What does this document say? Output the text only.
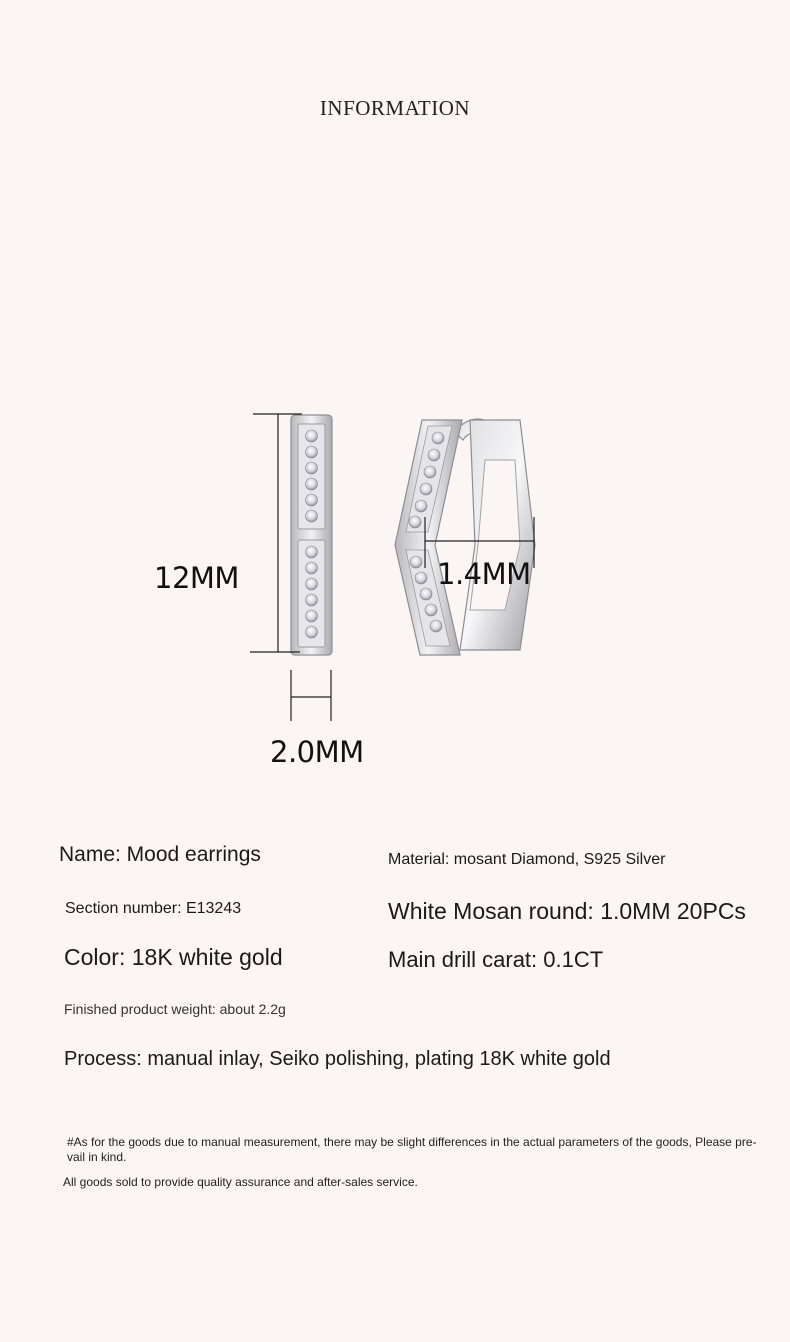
INFORMATION
12MM
2.0MM
1.4MM
Name: Mood earrings	Material: mosant Diamond, S925 Silver
Section number: E13243	White Mosan round: 1.0MM 20PCs
Color: 18K white gold	Main drill carat: 0.1CT
Finished product weight: about 2.2g
Process: manual inlay, Seiko polishing, plating 18K white gold
#As for the goods due to manual measurement, there may be slight differences in the actual parameters of the goods, Please pre-
vail in kind.
All goods sold to provide quality assurance and after-sales service.
